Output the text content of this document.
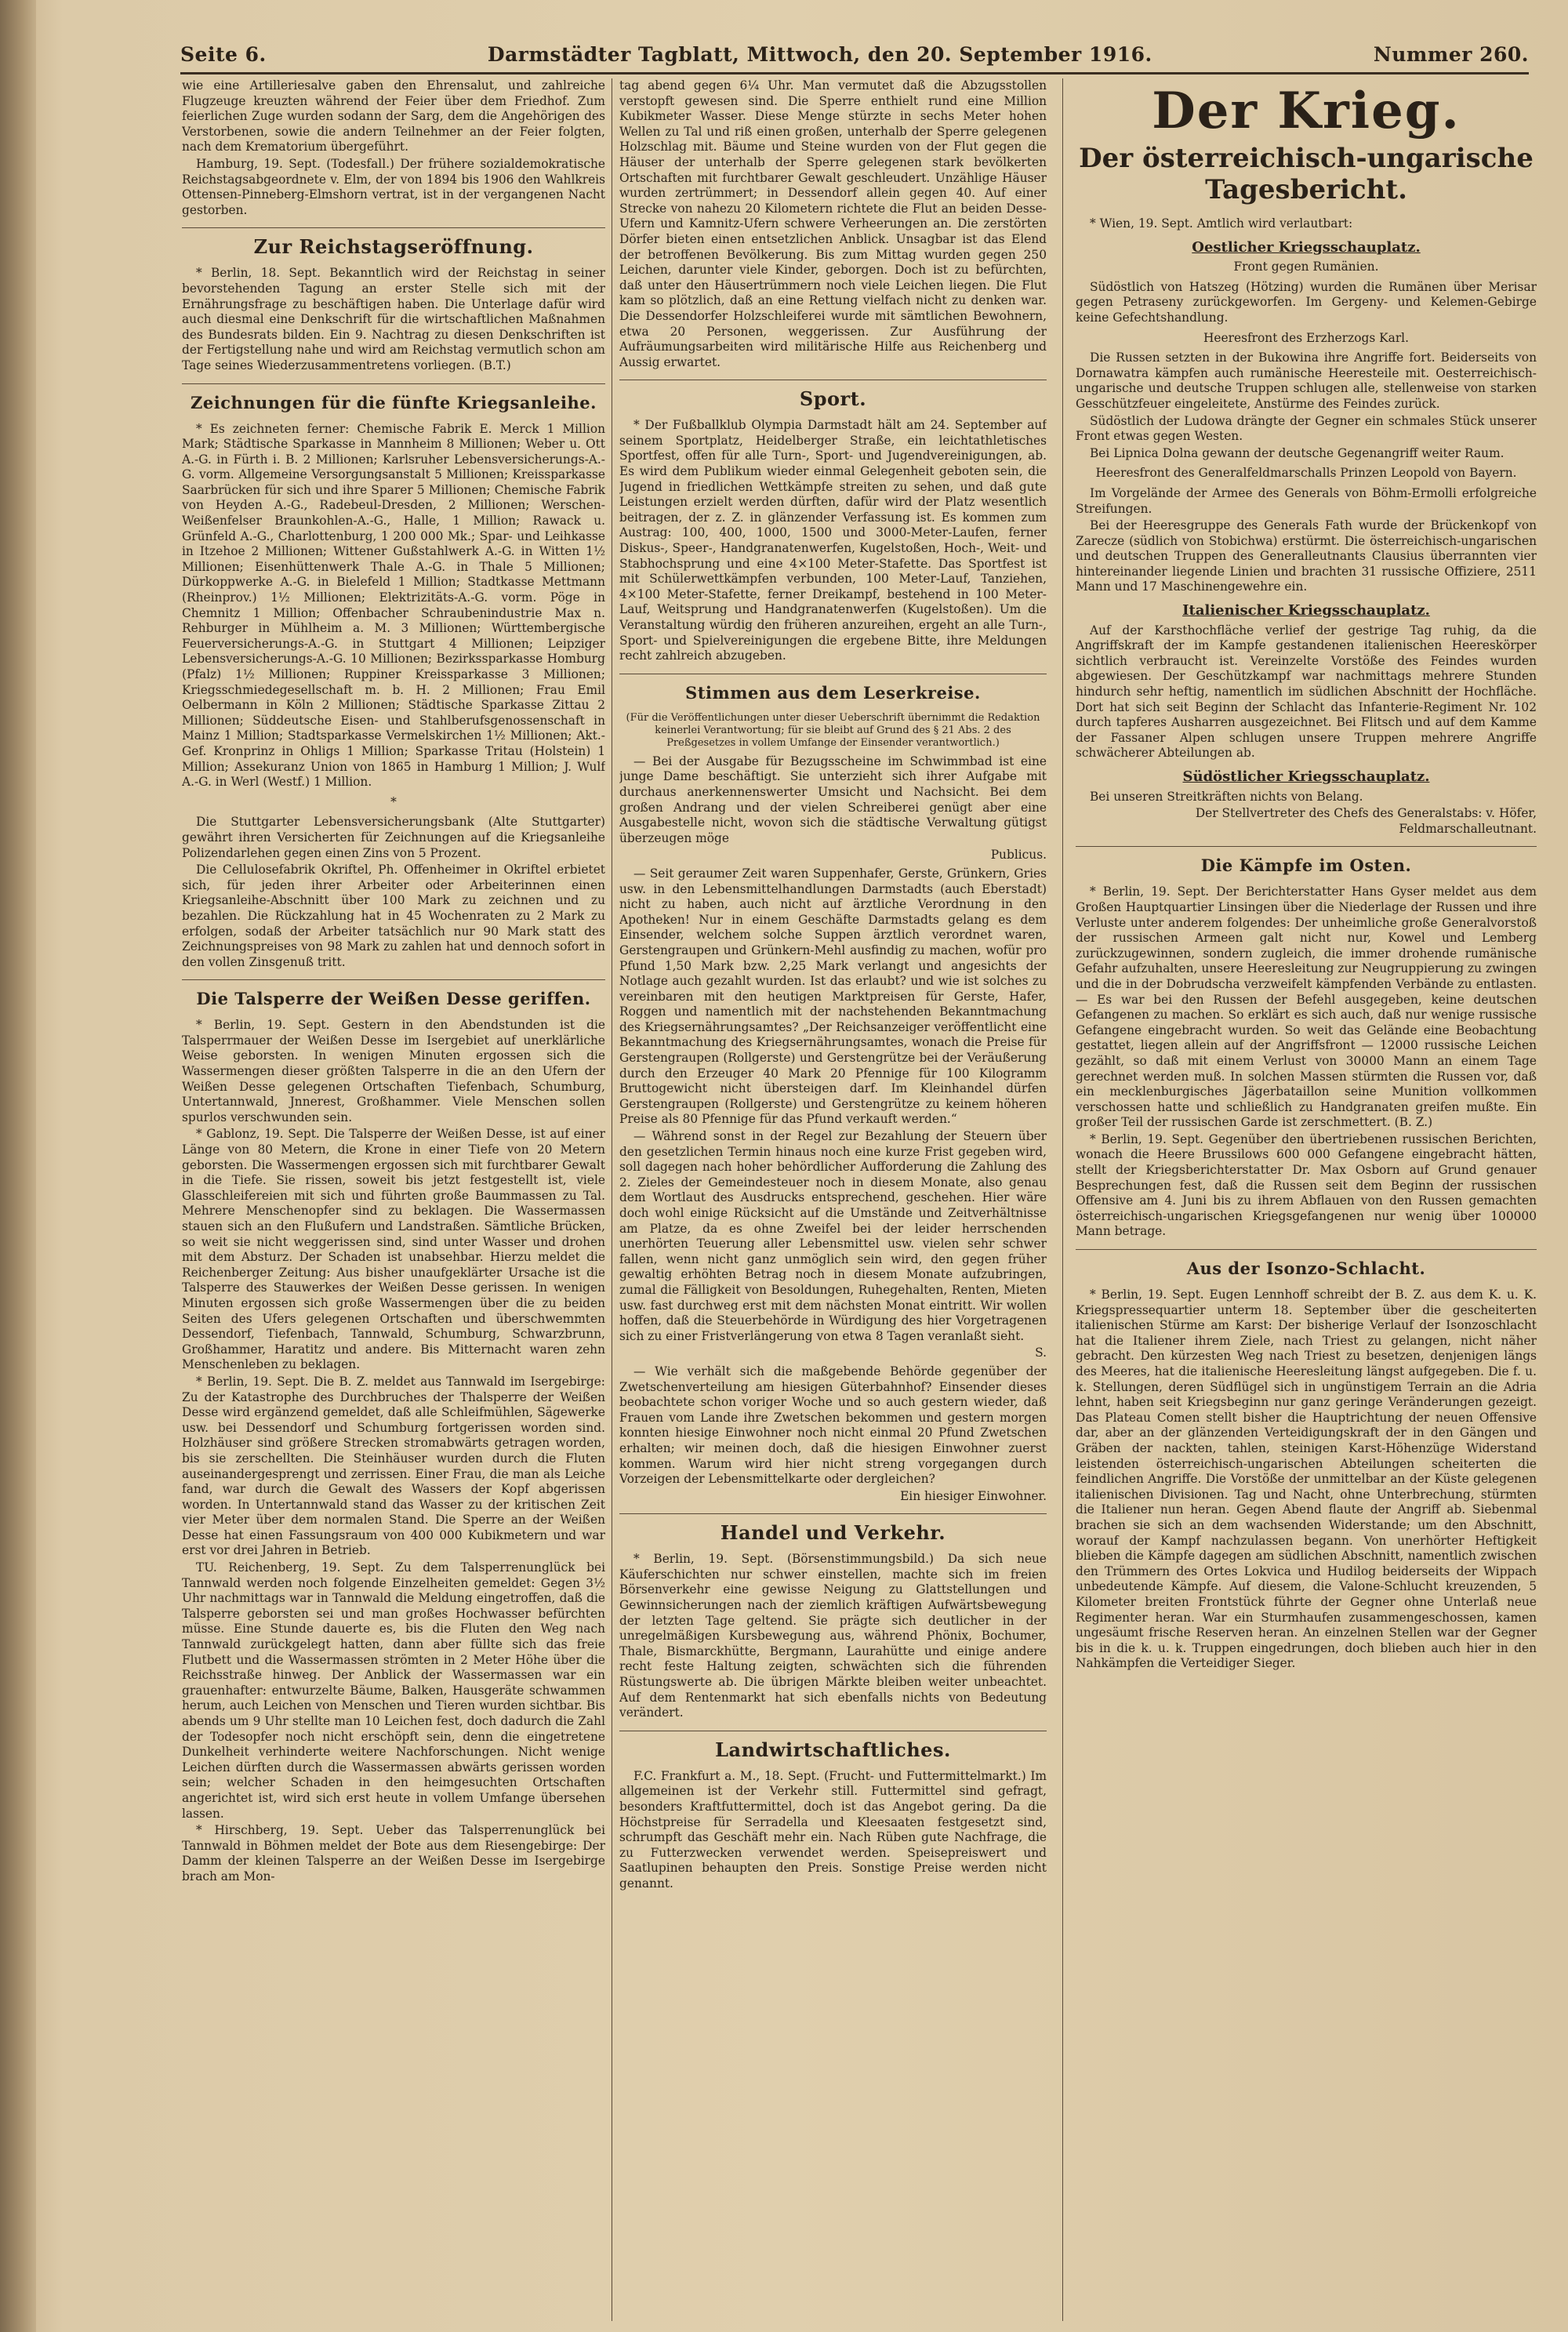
Seite 6.	Darmstädter Tagblatt, Mittwoch, den 20. September 1916.	Nummer 260.

wie eine Artilleriesalve gaben den Ehrensalut, und zahlreiche Flugzeuge kreuzten während der Feier über dem Friedhof. Zum feierlichen Zuge wurden sodann der Sarg, dem die Angehörigen des Verstorbenen, sowie die andern Teilnehmer an der Feier folgten, nach dem Krematorium übergeführt.

Hamburg, 19. Sept. (Todesfall.) Der frühere sozialdemokratische Reichstagsabgeordnete v. Elm, der von 1894 bis 1906 den Wahlkreis Ottensen-Pinneberg-Elmshorn vertrat, ist in der vergangenen Nacht gestorben.

Zur Reichstagseröffnung.

* Berlin, 18. Sept. Bekanntlich wird der Reichstag in seiner bevorstehenden Tagung an erster Stelle sich mit der Ernährungsfrage zu beschäftigen haben. Die Unterlage dafür wird auch diesmal eine Denkschrift für die wirtschaftlichen Maßnahmen des Bundesrats bilden. Ein 9. Nachtrag zu diesen Denkschriften ist der Fertigstellung nahe und wird am Reichstag vermutlich schon am Tage seines Wiederzusammentretens vorliegen. (B.T.)

Zeichnungen für die fünfte Kriegsanleihe.

* Es zeichneten ferner: Chemische Fabrik E. Merck 1 Million Mark; Städtische Sparkasse in Mannheim 8 Millionen; Weber u. Ott A.-G. in Fürth i. B. 2 Millionen; Karlsruher Lebensversicherungs-A.-G. vorm. Allgemeine Versorgungsanstalt 5 Millionen; Kreissparkasse Saarbrücken für sich und ihre Sparer 5 Millionen; Chemische Fabrik von Heyden A.-G., Radebeul-Dresden, 2 Millionen; Werschen-Weißenfelser Braunkohlen-A.-G., Halle, 1 Million; Rawack u. Grünfeld A.-G., Charlottenburg, 1 200 000 Mk.; Spar- und Leihkasse in Itzehoe 2 Millionen; Wittener Gußstahlwerk A.-G. in Witten 1½ Millionen; Eisenhüttenwerk Thale A.-G. in Thale 5 Millionen; Dürkoppwerke A.-G. in Bielefeld 1 Million; Stadtkasse Mettmann (Rheinprov.) 1½ Millionen; Elektrizitäts-A.-G. vorm. Pöge in Chemnitz 1 Million; Offenbacher Schraubenindustrie Max n. Rehburger in Mühlheim a. M. 3 Millionen; Württembergische Feuerversicherungs-A.-G. in Stuttgart 4 Millionen; Leipziger Lebensversicherungs-A.-G. 10 Millionen; Bezirkssparkasse Homburg (Pfalz) 1½ Millionen; Ruppiner Kreissparkasse 3 Millionen; Kriegsschmiedegesellschaft m. b. H. 2 Millionen; Frau Emil Oelbermann in Köln 2 Millionen; Städtische Sparkasse Zittau 2 Millionen; Süddeutsche Eisen- und Stahlberufsgenossenschaft in Mainz 1 Million; Stadtsparkasse Vermelskirchen 1½ Millionen; Akt.-Gef. Kronprinz in Ohligs 1 Million; Sparkasse Tritau (Holstein) 1 Million; Assekuranz Union von 1865 in Hamburg 1 Million; J. Wulf A.-G. in Werl (Westf.) 1 Million.

*

Die Stuttgarter Lebensversicherungsbank (Alte Stuttgarter) gewährt ihren Versicherten für Zeichnungen auf die Kriegsanleihe Polizendarlehen gegen einen Zins von 5 Prozent.

Die Cellulosefabrik Okriftel, Ph. Offenheimer in Okriftel erbietet sich, für jeden ihrer Arbeiter oder Arbeiterinnen einen Kriegsanleihe-Abschnitt über 100 Mark zu zeichnen und zu bezahlen. Die Rückzahlung hat in 45 Wochenraten zu 2 Mark zu erfolgen, sodaß der Arbeiter tatsächlich nur 90 Mark statt des Zeichnungspreises von 98 Mark zu zahlen hat und dennoch sofort in den vollen Zinsgenuß tritt.

Die Talsperre der Weißen Desse geriffen.

* Berlin, 19. Sept. Gestern in den Abendstunden ist die Talsperrmauer der Weißen Desse im Isergebiet auf unerklärliche Weise geborsten. In wenigen Minuten ergossen sich die Wassermengen dieser größten Talsperre in die an den Ufern der Weißen Desse gelegenen Ortschaften Tiefenbach, Schumburg, Untertannwald, Jnnerest, Großhammer. Viele Menschen sollen spurlos verschwunden sein.

* Gablonz, 19. Sept. Die Talsperre der Weißen Desse, ist auf einer Länge von 80 Metern, die Krone in einer Tiefe von 20 Metern geborsten. Die Wassermengen ergossen sich mit furchtbarer Gewalt in die Tiefe. Sie rissen, soweit bis jetzt festgestellt ist, viele Glasschleifereien mit sich und führten große Baummassen zu Tal. Mehrere Menschenopfer sind zu beklagen. Die Wassermassen stauen sich an den Flußufern und Landstraßen. Sämtliche Brücken, so weit sie nicht weggerissen sind, sind unter Wasser und drohen mit dem Absturz. Der Schaden ist unabsehbar. Hierzu meldet die Reichenberger Zeitung: Aus bisher unaufgeklärter Ursache ist die Talsperre des Stauwerkes der Weißen Desse gerissen. In wenigen Minuten ergossen sich große Wassermengen über die zu beiden Seiten des Ufers gelegenen Ortschaften und überschwemmten Dessendorf, Tiefenbach, Tannwald, Schumburg, Schwarzbrunn, Großhammer, Haratitz und andere. Bis Mitternacht waren zehn Menschenleben zu beklagen.

* Berlin, 19. Sept. Die B. Z. meldet aus Tannwald im Isergebirge: Zu der Katastrophe des Durchbruches der Thalsperre der Weißen Desse wird ergänzend gemeldet, daß alle Schleifmühlen, Sägewerke usw. bei Dessendorf und Schumburg fortgerissen worden sind. Holzhäuser sind größere Strecken stromabwärts getragen worden, bis sie zerschellten. Die Steinhäuser wurden durch die Fluten auseinandergesprengt und zerrissen. Einer Frau, die man als Leiche fand, war durch die Gewalt des Wassers der Kopf abgerissen worden. In Untertannwald stand das Wasser zu der kritischen Zeit vier Meter über dem normalen Stand. Die Sperre an der Weißen Desse hat einen Fassungsraum von 400 000 Kubikmetern und war erst vor drei Jahren in Betrieb.

TU. Reichenberg, 19. Sept. Zu dem Talsperrenunglück bei Tannwald werden noch folgende Einzelheiten gemeldet: Gegen 3½ Uhr nachmittags war in Tannwald die Meldung eingetroffen, daß die Talsperre geborsten sei und man großes Hochwasser befürchten müsse. Eine Stunde dauerte es, bis die Fluten den Weg nach Tannwald zurückgelegt hatten, dann aber füllte sich das freie Flutbett und die Wassermassen strömten in 2 Meter Höhe über die Reichsstraße hinweg. Der Anblick der Wassermassen war ein grauenhafter: entwurzelte Bäume, Balken, Hausgeräte schwammen herum, auch Leichen von Menschen und Tieren wurden sichtbar. Bis abends um 9 Uhr stellte man 10 Leichen fest, doch dadurch die Zahl der Todesopfer noch nicht erschöpft sein, denn die eingetretene Dunkelheit verhinderte weitere Nachforschungen. Nicht wenige Leichen dürften durch die Wassermassen abwärts gerissen worden sein; welcher Schaden in den heimgesuchten Ortschaften angerichtet ist, wird sich erst heute in vollem Umfange übersehen lassen.

* Hirschberg, 19. Sept. Ueber das Talsperrenunglück bei Tannwald in Böhmen meldet der Bote aus dem Riesengebirge: Der Damm der kleinen Talsperre an der Weißen Desse im Isergebirge brach am Mon-

tag abend gegen 6¼ Uhr. Man vermutet daß die Abzugsstollen verstopft gewesen sind. Die Sperre enthielt rund eine Million Kubikmeter Wasser. Diese Menge stürzte in sechs Meter hohen Wellen zu Tal und riß einen großen, unterhalb der Sperre gelegenen Holzschlag mit. Bäume und Steine wurden von der Flut gegen die Häuser der unterhalb der Sperre gelegenen stark bevölkerten Ortschaften mit furchtbarer Gewalt geschleudert. Unzählige Häuser wurden zertrümmert; in Dessendorf allein gegen 40. Auf einer Strecke von nahezu 20 Kilometern richtete die Flut an beiden Desse-Ufern und Kamnitz-Ufern schwere Verheerungen an. Die zerstörten Dörfer bieten einen entsetzlichen Anblick. Unsagbar ist das Elend der betroffenen Bevölkerung. Bis zum Mittag wurden gegen 250 Leichen, darunter viele Kinder, geborgen. Doch ist zu befürchten, daß unter den Häusertrümmern noch viele Leichen liegen. Die Flut kam so plötzlich, daß an eine Rettung vielfach nicht zu denken war. Die Dessendorfer Holzschleiferei wurde mit sämtlichen Bewohnern, etwa 20 Personen, weggerissen. Zur Ausführung der Aufräumungsarbeiten wird militärische Hilfe aus Reichenberg und Aussig erwartet.

Sport.

* Der Fußballklub Olympia Darmstadt hält am 24. September auf seinem Sportplatz, Heidelberger Straße, ein leichtathletisches Sportfest, offen für alle Turn-, Sport- und Jugendvereinigungen, ab. Es wird dem Publikum wieder einmal Gelegenheit geboten sein, die Jugend in friedlichen Wettkämpfe streiten zu sehen, und daß gute Leistungen erzielt werden dürften, dafür wird der Platz wesentlich beitragen, der z. Z. in glänzender Verfassung ist. Es kommen zum Austrag: 100, 400, 1000, 1500 und 3000-Meter-Laufen, ferner Diskus-, Speer-, Handgranatenwerfen, Kugelstoßen, Hoch-, Weit- und Stabhochsprung und eine 4×100 Meter-Stafette. Das Sportfest ist mit Schülerwettkämpfen verbunden, 100 Meter-Lauf, Tanziehen, 4×100 Meter-Stafette, ferner Dreikampf, bestehend in 100 Meter-Lauf, Weitsprung und Handgranatenwerfen (Kugelstoßen). Um die Veranstaltung würdig den früheren anzureihen, ergeht an alle Turn-, Sport- und Spielvereinigungen die ergebene Bitte, ihre Meldungen recht zahlreich abzugeben.

Stimmen aus dem Leserkreise.
(Für die Veröffentlichungen unter dieser Ueberschrift übernimmt die Redaktion keinerlei Verantwortung; für sie bleibt auf Grund des § 21 Abs. 2 des Preßgesetzes in vollem Umfange der Einsender verantwortlich.)

— Bei der Ausgabe für Bezugsscheine im Schwimmbad ist eine junge Dame beschäftigt. Sie unterzieht sich ihrer Aufgabe mit durchaus anerkennenswerter Umsicht und Nachsicht. Bei dem großen Andrang und der vielen Schreiberei genügt aber eine Ausgabestelle nicht, wovon sich die städtische Verwaltung gütigst überzeugen möge

Publicus.

— Seit geraumer Zeit waren Suppenhafer, Gerste, Grünkern, Gries usw. in den Lebensmittelhandlungen Darmstadts (auch Eberstadt) nicht zu haben, auch nicht auf ärztliche Verordnung in den Apotheken! Nur in einem Geschäfte Darmstadts gelang es dem Einsender, welchem solche Suppen ärztlich verordnet waren, Gerstengraupen und Grünkern-Mehl ausfindig zu machen, wofür pro Pfund 1,50 Mark bzw. 2,25 Mark verlangt und angesichts der Notlage auch gezahlt wurden. Ist das erlaubt? und wie ist solches zu vereinbaren mit den heutigen Marktpreisen für Gerste, Hafer, Roggen und namentlich mit der nachstehenden Bekanntmachung des Kriegsernährungsamtes? „Der Reichsanzeiger veröffentlicht eine Bekanntmachung des Kriegsernährungsamtes, wonach die Preise für Gerstengraupen (Rollgerste) und Gerstengrütze bei der Veräußerung durch den Erzeuger 40 Mark 20 Pfennige für 100 Kilogramm Bruttogewicht nicht übersteigen darf. Im Kleinhandel dürfen Gerstengraupen (Rollgerste) und Gerstengrütze zu keinem höheren Preise als 80 Pfennige für das Pfund verkauft werden.“

— Während sonst in der Regel zur Bezahlung der Steuern über den gesetzlichen Termin hinaus noch eine kurze Frist gegeben wird, soll dagegen nach hoher behördlicher Aufforderung die Zahlung des 2. Zieles der Gemeindesteuer noch in diesem Monate, also genau dem Wortlaut des Ausdrucks entsprechend, geschehen. Hier wäre doch wohl einige Rücksicht auf die Umstände und Zeitverhältnisse am Platze, da es ohne Zweifel bei der leider herrschenden unerhörten Teuerung aller Lebensmittel usw. vielen sehr schwer fallen, wenn nicht ganz unmöglich sein wird, den gegen früher gewaltig erhöhten Betrag noch in diesem Monate aufzubringen, zumal die Fälligkeit von Besoldungen, Ruhegehalten, Renten, Mieten usw. fast durchweg erst mit dem nächsten Monat eintritt. Wir wollen hoffen, daß die Steuerbehörde in Würdigung des hier Vorgetragenen sich zu einer Fristverlängerung von etwa 8 Tagen veranlaßt sieht.

S.

— Wie verhält sich die maßgebende Behörde gegenüber der Zwetschenverteilung am hiesigen Güterbahnhof? Einsender dieses beobachtete schon voriger Woche und so auch gestern wieder, daß Frauen vom Lande ihre Zwetschen bekommen und gestern morgen konnten hiesige Einwohner noch nicht einmal 20 Pfund Zwetschen erhalten; wir meinen doch, daß die hiesigen Einwohner zuerst kommen. Warum wird hier nicht streng vorgegangen durch Vorzeigen der Lebensmittelkarte oder dergleichen?

Ein hiesiger Einwohner.
Handel und Verkehr.

* Berlin, 19. Sept. (Börsenstimmungsbild.) Da sich neue Käuferschichten nur schwer einstellen, machte sich im freien Börsenverkehr eine gewisse Neigung zu Glattstellungen und Gewinnsicherungen nach der ziemlich kräftigen Aufwärtsbewegung der letzten Tage geltend. Sie prägte sich deutlicher in der unregelmäßigen Kursbewegung aus, während Phönix, Bochumer, Thale, Bismarckhütte, Bergmann, Laurahütte und einige andere recht feste Haltung zeigten, schwächten sich die führenden Rüstungswerte ab. Die übrigen Märkte bleiben weiter unbeachtet. Auf dem Rentenmarkt hat sich ebenfalls nichts von Bedeutung verändert.

Landwirtschaftliches.

F.C. Frankfurt a. M., 18. Sept. (Frucht- und Futtermittelmarkt.) Im allgemeinen ist der Verkehr still. Futtermittel sind gefragt, besonders Kraftfuttermittel, doch ist das Angebot gering. Da die Höchstpreise für Serradella und Kleesaaten festgesetzt sind, schrumpft das Geschäft mehr ein. Nach Rüben gute Nachfrage, die zu Futterzwecken verwendet werden. Speisepreiswert und Saatlupinen behaupten den Preis. Sonstige Preise werden nicht genannt.

Der Krieg.
Der österreichisch-ungarische Tagesbericht.

* Wien, 19. Sept. Amtlich wird verlautbart:

Oestlicher Kriegsschauplatz.
Front gegen Rumänien.

Südöstlich von Hatszeg (Hötzing) wurden die Rumänen über Merisar gegen Petraseny zurückgeworfen. Im Gergeny- und Kelemen-Gebirge keine Gefechtshandlung.

Heeresfront des Erzherzogs Karl.

Die Russen setzten in der Bukowina ihre Angriffe fort. Beiderseits von Dornawatra kämpfen auch rumänische Heeresteile mit. Oesterreichisch-ungarische und deutsche Truppen schlugen alle, stellenweise von starken Gesschützfeuer eingeleitete, Anstürme des Feindes zurück.

Südöstlich der Ludowa drängte der Gegner ein schmales Stück unserer Front etwas gegen Westen.

Bei Lipnica Dolna gewann der deutsche Gegenangriff weiter Raum.

Heeresfront des Generalfeldmarschalls Prinzen Leopold von Bayern.

Im Vorgelände der Armee des Generals von Böhm-Ermolli erfolgreiche Streifungen.

Bei der Heeresgruppe des Generals Fath wurde der Brückenkopf von Zarecze (südlich von Stobichwa) erstürmt. Die österreichisch-ungarischen und deutschen Truppen des Generalleutnants Clausius überrannten vier hintereinander liegende Linien und brachten 31 russische Offiziere, 2511 Mann und 17 Maschinengewehre ein.

Italienischer Kriegsschauplatz.

Auf der Karsthochfläche verlief der gestrige Tag ruhig, da die Angriffskraft der im Kampfe gestandenen italienischen Heereskörper sichtlich verbraucht ist. Vereinzelte Vorstöße des Feindes wurden abgewiesen. Der Geschützkampf war nachmittags mehrere Stunden hindurch sehr heftig, namentlich im südlichen Abschnitt der Hochfläche. Dort hat sich seit Beginn der Schlacht das Infanterie-Regiment Nr. 102 durch tapferes Ausharren ausgezeichnet. Bei Flitsch und auf dem Kamme der Fassaner Alpen schlugen unsere Truppen mehrere Angriffe schwächerer Abteilungen ab.

Südöstlicher Kriegsschauplatz.

Bei unseren Streitkräften nichts von Belang.

Der Stellvertreter des Chefs des Generalstabs: v. Höfer, Feldmarschalleutnant.
Die Kämpfe im Osten.

* Berlin, 19. Sept. Der Berichterstatter Hans Gyser meldet aus dem Großen Hauptquartier Linsingen über die Niederlage der Russen und ihre Verluste unter anderem folgendes: Der unheimliche große Generalvorstoß der russischen Armeen galt nicht nur, Kowel und Lemberg zurückzugewinnen, sondern zugleich, die immer drohende rumänische Gefahr aufzuhalten, unsere Heeresleitung zur Neugruppierung zu zwingen und die in der Dobrudscha verzweifelt kämpfenden Verbände zu entlasten. — Es war bei den Russen der Befehl ausgegeben, keine deutschen Gefangenen zu machen. So erklärt es sich auch, daß nur wenige russische Gefangene eingebracht wurden. So weit das Gelände eine Beobachtung gestattet, liegen allein auf der Angriffsfront — 12000 russische Leichen gezählt, so daß mit einem Verlust von 30000 Mann an einem Tage gerechnet werden muß. In solchen Massen stürmten die Russen vor, daß ein mecklenburgisches Jägerbataillon seine Munition vollkommen verschossen hatte und schließlich zu Handgranaten greifen mußte. Ein großer Teil der russischen Garde ist zerschmettert. (B. Z.)

* Berlin, 19. Sept. Gegenüber den übertriebenen russischen Berichten, wonach die Heere Brussilows 600 000 Gefangene eingebracht hätten, stellt der Kriegsberichterstatter Dr. Max Osborn auf Grund genauer Besprechungen fest, daß die Russen seit dem Beginn der russischen Offensive am 4. Juni bis zu ihrem Abflauen von den Russen gemachten österreichisch-ungarischen Kriegsgefangenen nur wenig über 100000 Mann betrage.

Aus der Isonzo-Schlacht.

* Berlin, 19. Sept. Eugen Lennhoff schreibt der B. Z. aus dem K. u. K. Kriegspressequartier unterm 18. September über die gescheiterten italienischen Stürme am Karst: Der bisherige Verlauf der Isonzoschlacht hat die Italiener ihrem Ziele, nach Triest zu gelangen, nicht näher gebracht. Den kürzesten Weg nach Triest zu besetzen, denjenigen längs des Meeres, hat die italienische Heeresleitung längst aufgegeben. Die f. u. k. Stellungen, deren Südflügel sich in ungünstigem Terrain an die Adria lehnt, haben seit Kriegsbeginn nur ganz geringe Veränderungen gezeigt. Das Plateau Comen stellt bisher die Hauptrichtung der neuen Offensive dar, aber an der glänzenden Verteidigungskraft der in den Gängen und Gräben der nackten, tahlen, steinigen Karst-Höhenzüge Widerstand leistenden österreichisch-ungarischen Abteilungen scheiterten die feindlichen Angriffe. Die Vorstöße der unmittelbar an der Küste gelegenen italienischen Divisionen. Tag und Nacht, ohne Unterbrechung, stürmten die Italiener nun heran. Gegen Abend flaute der Angriff ab. Siebenmal brachen sie sich an dem wachsenden Widerstande; um den Abschnitt, worauf der Kampf nachzulassen begann. Von unerhörter Heftigkeit blieben die Kämpfe dagegen am südlichen Abschnitt, namentlich zwischen den Trümmern des Ortes Lokvica und Hudilog beiderseits der Wippach unbedeutende Kämpfe. Auf diesem, die Valone-Schlucht kreuzenden, 5 Kilometer breiten Frontstück führte der Gegner ohne Unterlaß neue Regimenter heran. War ein Sturmhaufen zusammengeschossen, kamen ungesäumt frische Reserven heran. An einzelnen Stellen war der Gegner bis in die k. u. k. Truppen eingedrungen, doch blieben auch hier in den Nahkämpfen die Verteidiger Sieger.
